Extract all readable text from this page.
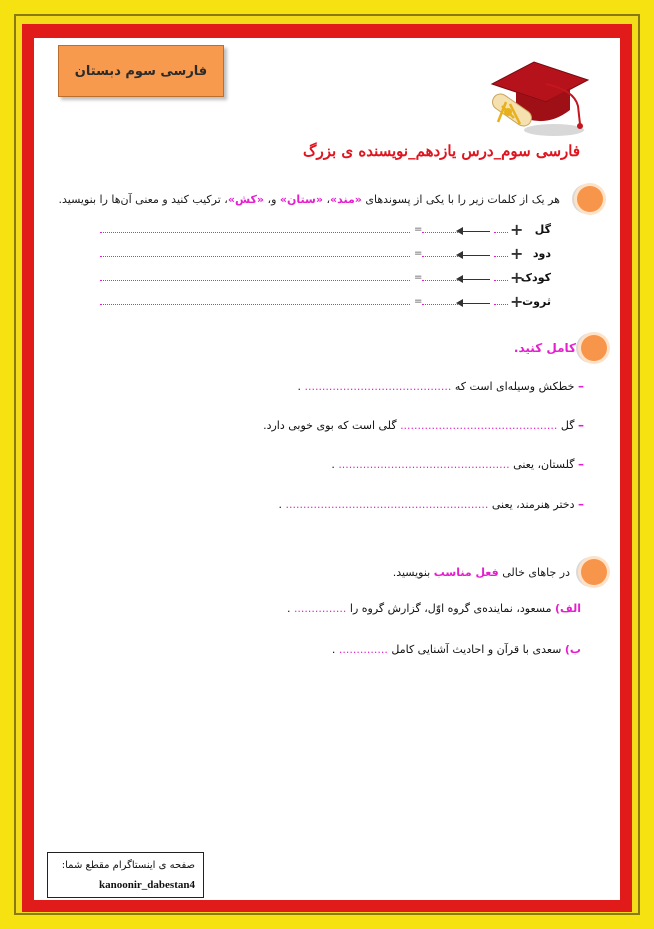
فارسی سوم دبستان
فارسی سوم_درس یازدهم_نویسنده ی بزرگ
هر یک از کلمات زیر را با یکی از پسوندهای «مند»، «ستان» و، «کش»، ترکیب کنید و معنی آن‌ها را بنویسید.
گل
+
=
دود
+
=
کودک
+
=
ثروت
+
=
کامل کنید.
– خطکش وسیله‌ای است که .......................................... .
– گل ............................................. گلی است که بوی خوبی دارد.
– گلستان، یعنی ................................................. .
– دختر هنرمند، یعنی .......................................................... .
در جاهای خالی فعل مناسب بنویسید.
الف) مسعود، نماینده‌ی گروه اوّل، گزارش گروه را ............... .
ب) سعدی با قرآن و احادیث آشنایی کامل .............. .
صفحه ی اینستاگرام مقطع شما:
kanoonir_dabestan4
